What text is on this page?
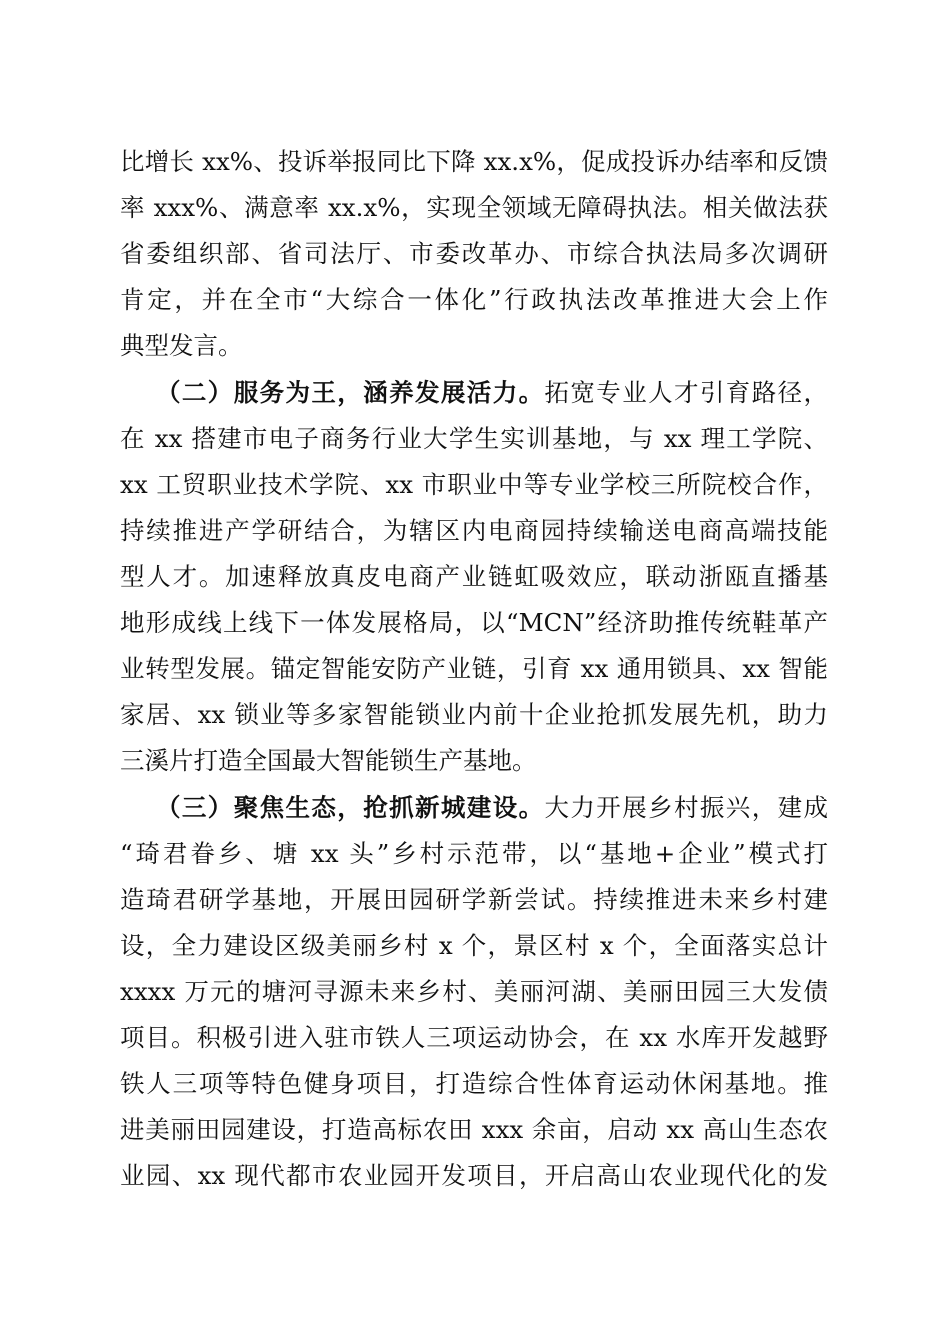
比增长 xx%、投诉举报同比下降 xx.x%，促成投诉办结率和反馈
率 xxx%、满意率 xx.x%，实现全领域无障碍执法。相关做法获
省委组织部、省司法厅、市委改革办、市综合执法局多次调研
肯定，并在全市“大综合一体化”行政执法改革推进大会上作
典型发言。
（二）服务为王，涵养发展活力。拓宽专业人才引育路径，
在 xx 搭建市电子商务行业大学生实训基地，与 xx 理工学院、
xx 工贸职业技术学院、xx 市职业中等专业学校三所院校合作，
持续推进产学研结合，为辖区内电商园持续输送电商高端技能
型人才。加速释放真皮电商产业链虹吸效应，联动浙瓯直播基
地形成线上线下一体发展格局，以“MCN”经济助推传统鞋革产
业转型发展。锚定智能安防产业链，引育 xx 通用锁具、xx 智能
家居、xx 锁业等多家智能锁业内前十企业抢抓发展先机，助力
三溪片打造全国最大智能锁生产基地。
（三）聚焦生态，抢抓新城建设。大力开展乡村振兴，建成
“琦君眷乡、塘 xx 头”乡村示范带，以“基地+企业”模式打
造琦君研学基地，开展田园研学新尝试。持续推进未来乡村建
设，全力建设区级美丽乡村 x 个，景区村 x 个，全面落实总计
xxxx 万元的塘河寻源未来乡村、美丽河湖、美丽田园三大发债
项目。积极引进入驻市铁人三项运动协会，在 xx 水库开发越野
铁人三项等特色健身项目，打造综合性体育运动休闲基地。推
进美丽田园建设，打造高标农田 xxx 余亩，启动 xx 高山生态农
业园、xx 现代都市农业园开发项目，开启高山农业现代化的发
